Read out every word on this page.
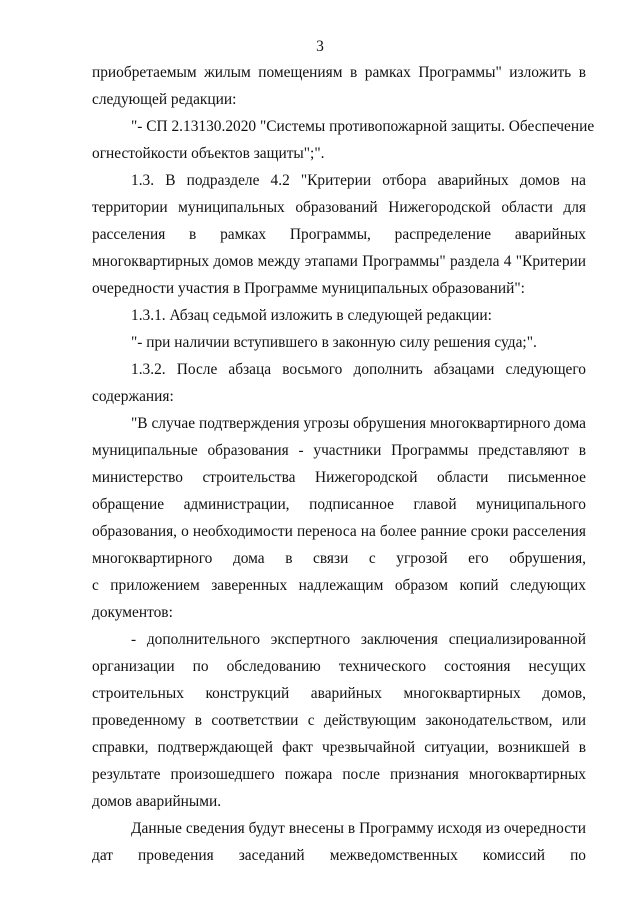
3
приобретаемым жилым помещениям в рамках Программы" изложить в
следующей редакции:
"- СП 2.13130.2020 "Системы противопожарной защиты. Обеспечение
огнестойкости объектов защиты";".
1.3. В подразделе 4.2 "Критерии отбора аварийных домов на
территории муниципальных образований Нижегородской области для
расселения в рамках Программы, распределение аварийных
многоквартирных домов между этапами Программы" раздела 4 "Критерии
очередности участия в Программе муниципальных образований":
1.3.1. Абзац седьмой изложить в следующей редакции:
"- при наличии вступившего в законную силу решения суда;".
1.3.2. После абзаца восьмого дополнить абзацами следующего
содержания:
"В случае подтверждения угрозы обрушения многоквартирного дома
муниципальные образования - участники Программы представляют в
министерство строительства Нижегородской области письменное
обращение администрации, подписанное главой муниципального
образования, о необходимости переноса на более ранние сроки расселения
многоквартирного дома в связи с угрозой его обрушения,
с приложением заверенных надлежащим образом копий следующих
документов:
- дополнительного экспертного заключения специализированной
организации по обследованию технического состояния несущих
строительных конструкций аварийных многоквартирных домов,
проведенному в соответствии с действующим законодательством, или
справки, подтверждающей факт чрезвычайной ситуации, возникшей в
результате произошедшего пожара после признания многоквартирных
домов аварийными.
Данные сведения будут внесены в Программу исходя из очередности
дат проведения заседаний межведомственных комиссий по
